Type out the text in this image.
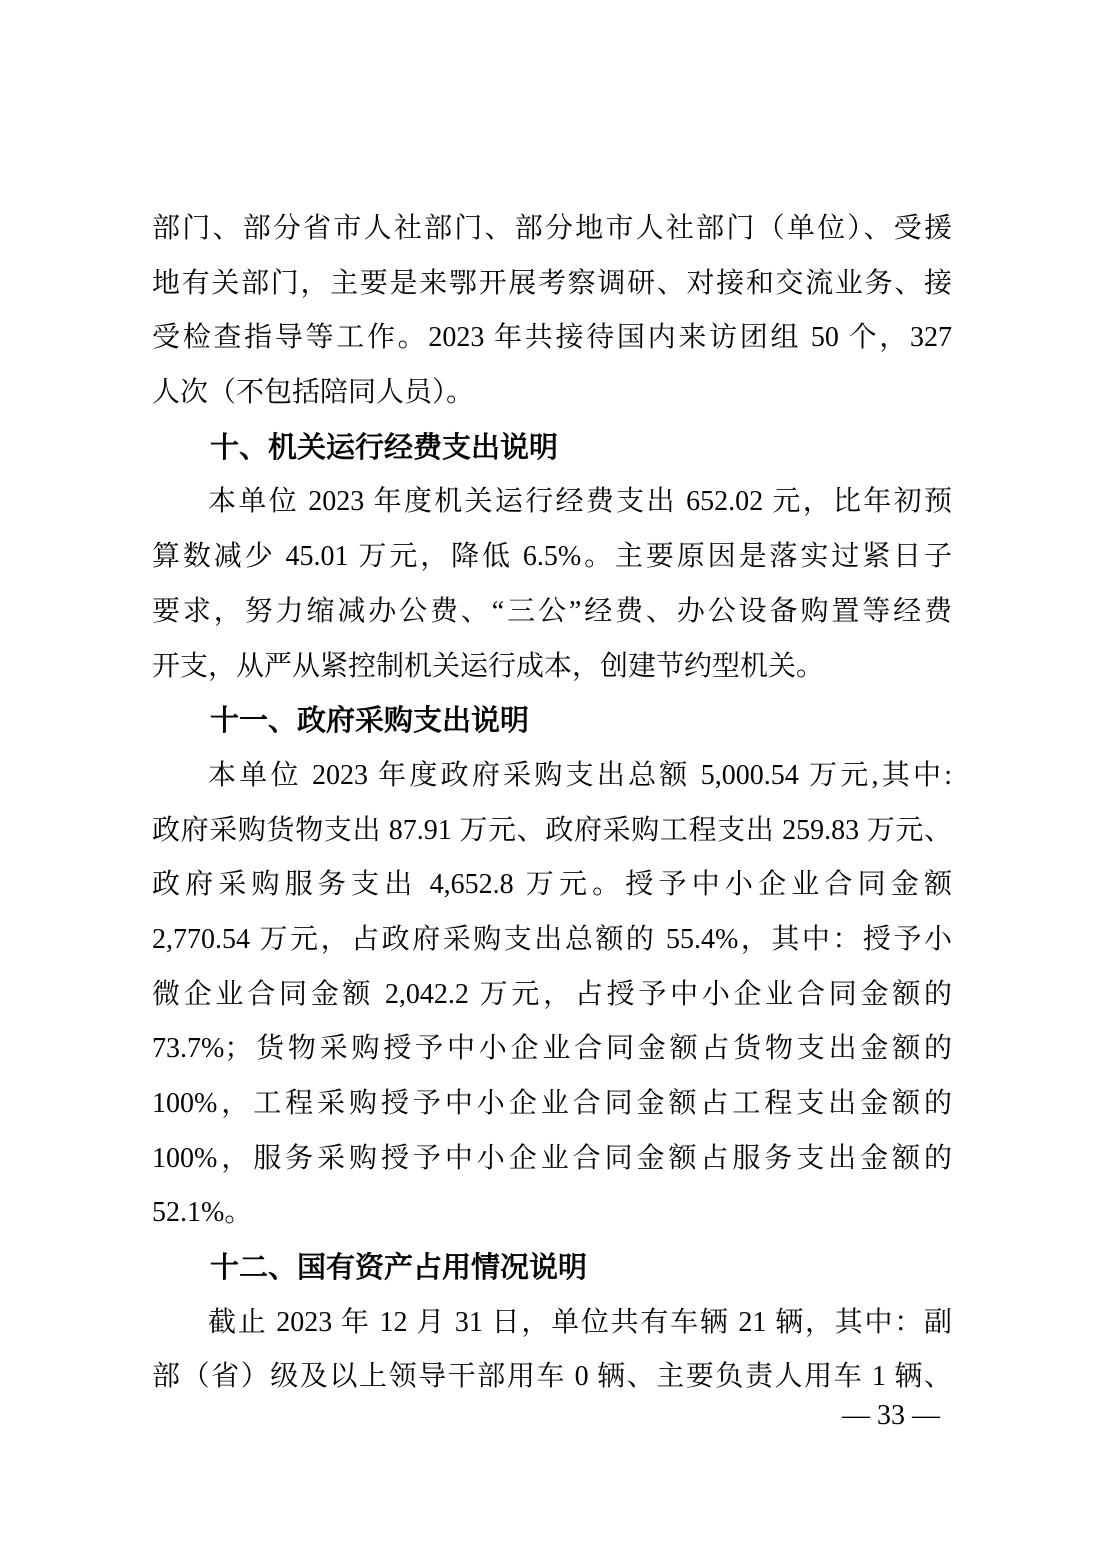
部门、部分省市人社部门、部分地市人社部门（单位）、受援
地有关部门，主要是来鄂开展考察调研、对接和交流业务、接
受检查指导等工作。2023 年共接待国内来访团组 50 个，327
人次（不包括陪同人员）。
十、机关运行经费支出说明
本单位 2023 年度机关运行经费支出 652.02 元，比年初预
算数减少 45.01 万元，降低 6.5%。主要原因是落实过紧日子
要求，努力缩减办公费、“三公”经费、办公设备购置等经费
开支，从严从紧控制机关运行成本，创建节约型机关。
十一、政府采购支出说明
本单位 2023 年度政府采购支出总额 5,000.54 万元,其中:
政府采购货物支出 87.91 万元、政府采购工程支出 259.83 万元、
政府采购服务支出 4,652.8 万元。授予中小企业合同金额
2,770.54 万元，占政府采购支出总额的 55.4%，其中：授予小
微企业合同金额 2,042.2 万元，占授予中小企业合同金额的
73.7%；货物采购授予中小企业合同金额占货物支出金额的
100%，工程采购授予中小企业合同金额占工程支出金额的
100%，服务采购授予中小企业合同金额占服务支出金额的
52.1%。
十二、国有资产占用情况说明
截止 2023 年 12 月 31 日，单位共有车辆 21 辆，其中：副
部（省）级及以上领导干部用车 0 辆、主要负责人用车 1 辆、
— 33 —
